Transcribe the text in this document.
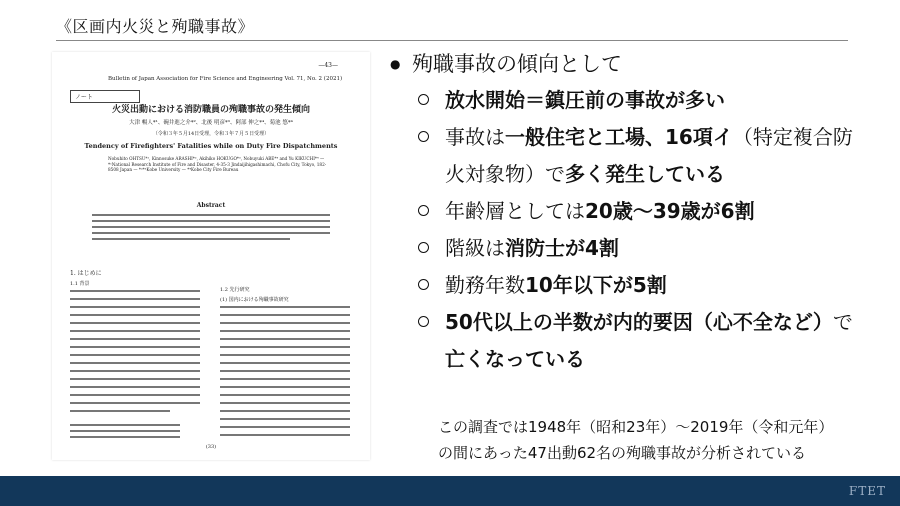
《区画内火災と殉職事故》
—43—
Bulletin of Japan Association for Fire Science and Engineering Vol. 71, No. 2 (2021)
ノート
火災出動における消防職員の殉職事故の発生傾向
大津 暢人*¹、碗井進之介*²、北後 明彦*³、阿部 伸之*⁴、菊池 悠*⁴
（令和３年５月14日受理，令和３年７月５日受理）
Tendency of Firefighters' Fatalities while on Duty Fire Dispatchments
Nobuhito OHTSU*¹, Kinnosuke ARASHI*², Akihiko HOKUGO*³, Nobuyuki ABE*⁴ and Yu KIKUCHI*⁴ — *¹National Research Institute of Fire and Disaster, 4-35-3 Jindaijihigashimachi, Chofu City, Tokyo, 182-8508 Japan — *²*³Kobe University — *⁴Kobe City Fire Bureau
Abstract
1. はじめに
1.1 背景
1.2 先行研究
(1) 国内における殉職事故研究
(33)
● 殉職事故の傾向として
放水開始＝鎮圧前の事故が多い
事故は一般住宅と工場、16項イ（特定複合防火対象物）で多く発生している
年齢層としては20歳〜39歳が6割
階級は消防士が4割
勤務年数10年以下が5割
50代以上の半数が内的要因（心不全など）で亡くなっている
この調査では1948年（昭和23年）〜2019年（令和元年）
の間にあった47出動62名の殉職事故が分析されている
FTET
